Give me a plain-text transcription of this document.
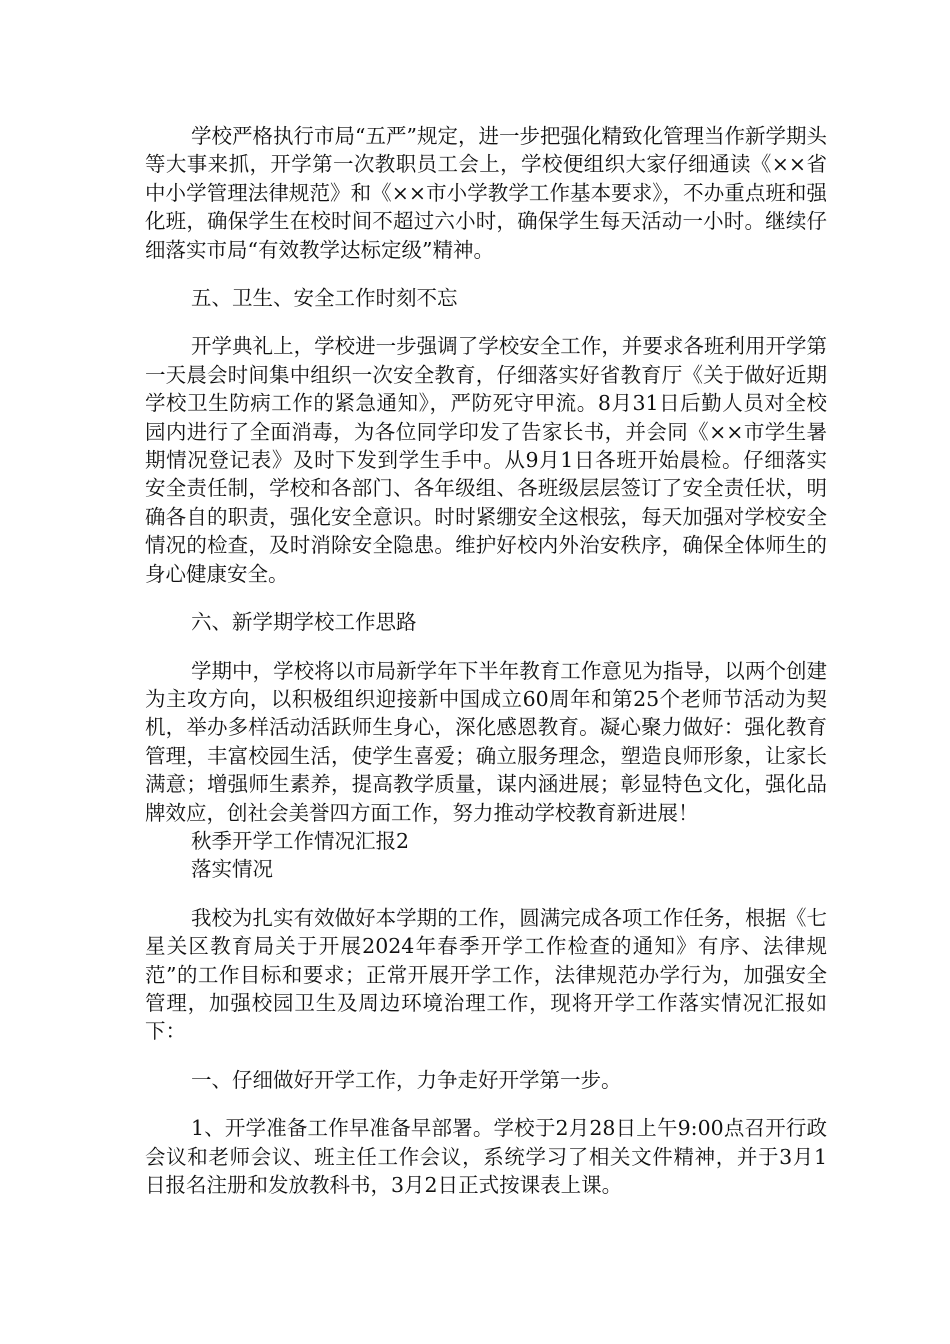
学校严格执行市局“五严”规定，进一步把强化精致化管理当作新学期头等大事来抓，开学第一次教职员工会上，学校便组织大家仔细通读《××省中小学管理法律规范》和《××市小学教学工作基本要求》，不办重点班和强化班，确保学生在校时间不超过六小时，确保学生每天活动一小时。继续仔细落实市局“有效教学达标定级”精神。

五、卫生、安全工作时刻不忘

开学典礼上，学校进一步强调了学校安全工作，并要求各班利用开学第一天晨会时间集中组织一次安全教育，仔细落实好省教育厅《关于做好近期学校卫生防病工作的紧急通知》，严防死守甲流。8月31日后勤人员对全校园内进行了全面消毒，为各位同学印发了告家长书，并会同《××市学生暑期情况登记表》及时下发到学生手中。从9月1日各班开始晨检。仔细落实安全责任制，学校和各部门、各年级组、各班级层层签订了安全责任状，明确各自的职责，强化安全意识。时时紧绷安全这根弦，每天加强对学校安全情况的检查，及时消除安全隐患。维护好校内外治安秩序，确保全体师生的身心健康安全。

六、新学期学校工作思路

学期中，学校将以市局新学年下半年教育工作意见为指导，以两个创建为主攻方向，以积极组织迎接新中国成立60周年和第25个老师节活动为契机，举办多样活动活跃师生身心，深化感恩教育。凝心聚力做好：强化教育管理，丰富校园生活，使学生喜爱；确立服务理念，塑造良师形象，让家长满意；增强师生素养，提高教学质量，谋内涵进展；彰显特色文化，强化品牌效应，创社会美誉四方面工作，努力推动学校教育新进展！

秋季开学工作情况汇报2

落实情况

我校为扎实有效做好本学期的工作，圆满完成各项工作任务，根据《七星关区教育局关于开展2024年春季开学工作检查的通知》有序、法律规范”的工作目标和要求；正常开展开学工作，法律规范办学行为，加强安全管理，加强校园卫生及周边环境治理工作，现将开学工作落实情况汇报如下：

一、仔细做好开学工作，力争走好开学第一步。

1、开学准备工作早准备早部署。学校于2月28日上午9:00点召开行政会议和老师会议、班主任工作会议，系统学习了相关文件精神，并于3月1日报名注册和发放教科书，3月2日正式按课表上课。
